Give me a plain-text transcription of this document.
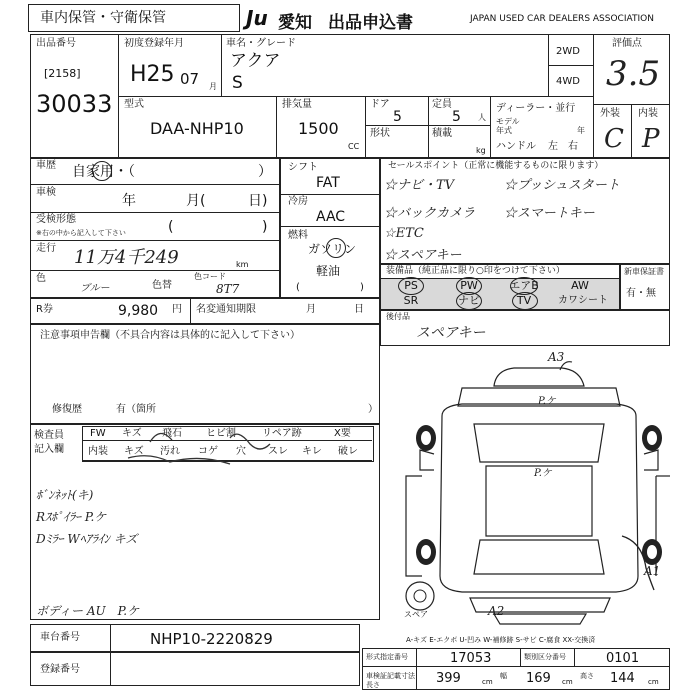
車内保管・守衛保管	Ju 愛知 出品申込書	JAPAN USED CAR DEALERS ASSOCIATION
出品番号
[2158]
30033
初度登録年月
H25 07 月
車名・グレード
アクア
S
2WD
4WD
評価点
3.5
型式
DAA-NHP10
排気量
1500
CC
ドア
5
形状
定員
5 人
積載
kg
ディーラー・並行
モデル年式	年
ハンドル 左　右
外装 内装
C P
車歴 自家用・（	）
車検
年	月(	日)
受検形態
※右の中から記入して下さい	(	)
走行 11万4千249	km
色
ブルー	色替
色コード
8T7
シフト
FAT
冷房
AAC
燃料
ガソリン
軽油
(	)
セールスポイント（正常に機能するものに限ります）
☆ナビ・TV	☆プッシュスタート
☆バックカメラ ☆スマートキー
☆ETC
☆スペアキー
装備品（純正品に限り○印をつけて下さい）
PS	PW	エアB	AW
SR	ナビ	TV	カワシート
新車保証書
有・無
R券	9,980 円 名変通知期限	月	日
後付品
スペアキー
注意事項申告欄（不具合内容は具体的に記入して下さい）
修復歴	有（箇所	）
検査員
記入欄
FW キズ 飛石 ヒビ割	リペア跡	X要
内装 キズ 汚れ コゲ 穴 スレ キレ 破レ
ﾎﾞﾝﾈｯﾄ(キ)
Rｽﾎﾟｲﾗｰ P.ケ
Dﾐﾗｰ Wﾍｱﾗｲﾝ キズ
ボディー AU　P.ケ
A3
P.ケ
P.ケ
A1
A2
スペア
A-キズ E-エクボ U-凹み W-補修跡 S-サビ C-腐食 XX-交換済
車台番号	NHP10-2220829
登録番号
形式指定番号	17053	類別区分番号	0101
車検証記載寸法 長さ	399	cm
幅 169 cm
高さ 144 cm
